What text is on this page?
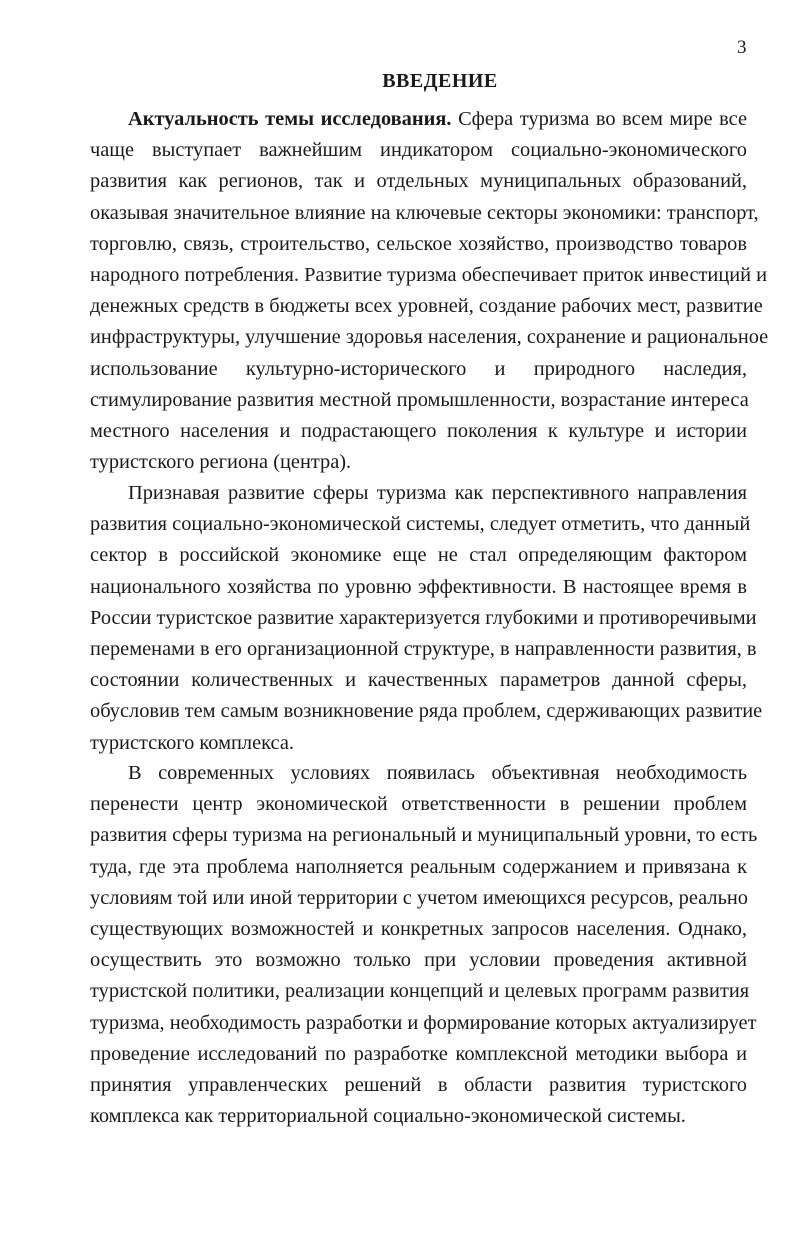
3
ВВЕДЕНИЕ
Актуальность темы исследования. Сфера туризма во всем мире все
чаще выступает важнейшим индикатором социально-экономического
развития как регионов, так и отдельных муниципальных образований,
оказывая значительное влияние на ключевые секторы экономики: транспорт,
торговлю, связь, строительство, сельское хозяйство, производство товаров
народного потребления. Развитие туризма обеспечивает приток инвестиций и
денежных средств в бюджеты всех уровней, создание рабочих мест, развитие
инфраструктуры, улучшение здоровья населения, сохранение и рациональное
использование культурно-исторического и природного наследия,
стимулирование развития местной промышленности, возрастание интереса
местного населения и подрастающего поколения к культуре и истории
туристского региона (центра).
Признавая развитие сферы туризма как перспективного направления
развития социально-экономической системы, следует отметить, что данный
сектор в российской экономике еще не стал определяющим фактором
национального хозяйства по уровню эффективности. В настоящее время в
России туристское развитие характеризуется глубокими и противоречивыми
переменами в его организационной структуре, в направленности развития, в
состоянии количественных и качественных параметров данной сферы,
обусловив тем самым возникновение ряда проблем, сдерживающих развитие
туристского комплекса.
В современных условиях появилась объективная необходимость
перенести центр экономической ответственности в решении проблем
развития сферы туризма на региональный и муниципальный уровни, то есть
туда, где эта проблема наполняется реальным содержанием и привязана к
условиям той или иной территории с учетом имеющихся ресурсов, реально
существующих возможностей и конкретных запросов населения. Однако,
осуществить это возможно только при условии проведения активной
туристской политики, реализации концепций и целевых программ развития
туризма, необходимость разработки и формирование которых актуализирует
проведение исследований по разработке комплексной методики выбора и
принятия управленческих решений в области развития туристского
комплекса как территориальной социально-экономической системы.
